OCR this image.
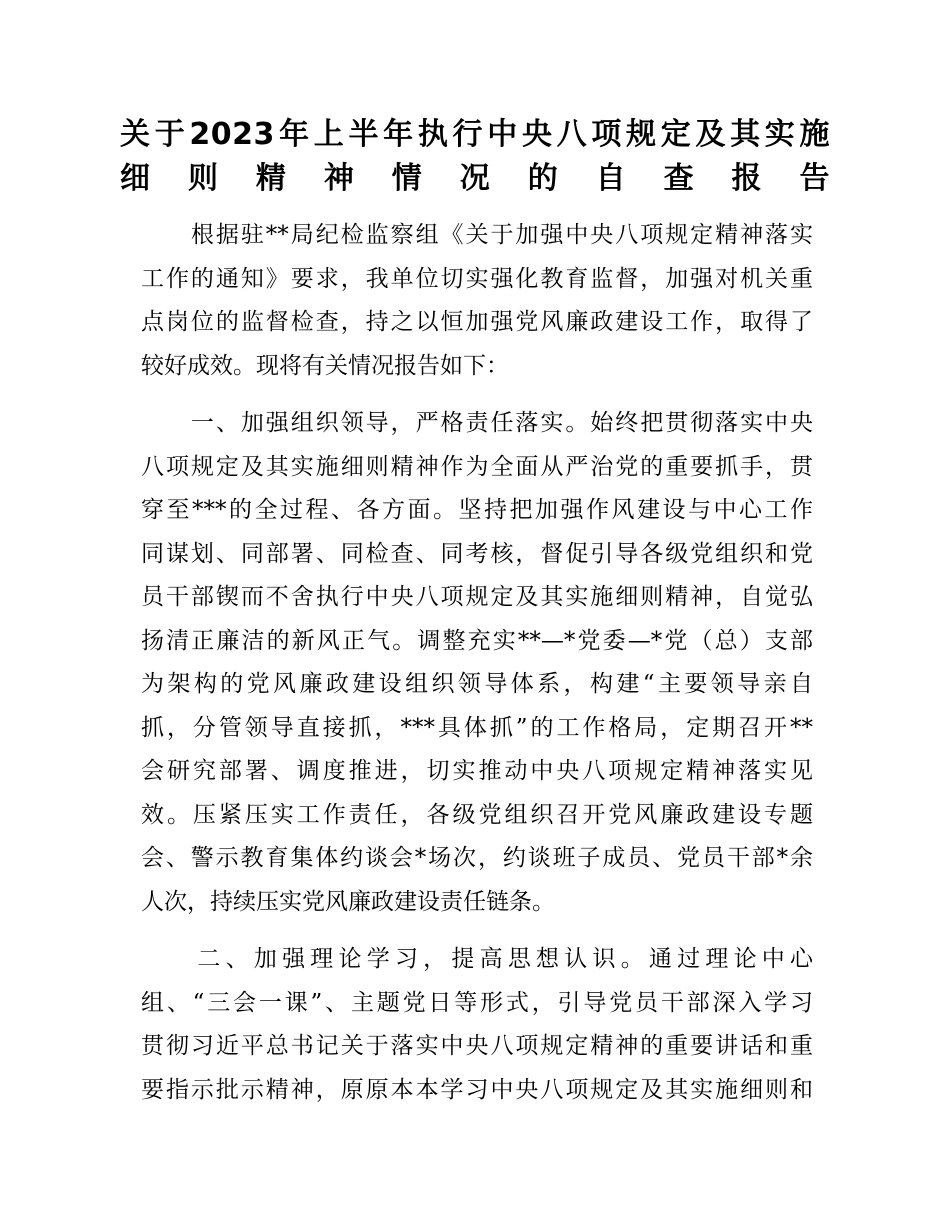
关于2023年上半年执行中央八项规定及其实施
细则精神情况的自查报告
　　根据驻**局纪检监察组《关于加强中央八项规定精神落实
工作的通知》要求，我单位切实强化教育监督，加强对机关重
点岗位的监督检查，持之以恒加强党风廉政建设工作，取得了
较好成效。现将有关情况报告如下：
　　一、加强组织领导，严格责任落实。始终把贯彻落实中央
八项规定及其实施细则精神作为全面从严治党的重要抓手，贯
穿至***的全过程、各方面。坚持把加强作风建设与中心工作
同谋划、同部署、同检查、同考核，督促引导各级党组织和党
员干部锲而不舍执行中央八项规定及其实施细则精神，自觉弘
扬清正廉洁的新风正气。调整充实**—*党委—*党（总）支部
为架构的党风廉政建设组织领导体系，构建“主要领导亲自
抓，分管领导直接抓，***具体抓”的工作格局，定期召开**
会研究部署、调度推进，切实推动中央八项规定精神落实见
效。压紧压实工作责任，各级党组织召开党风廉政建设专题
会、警示教育集体约谈会*场次，约谈班子成员、党员干部*余
人次，持续压实党风廉政建设责任链条。
　　二、加强理论学习，提高思想认识。通过理论中心
组、“三会一课”、主题党日等形式，引导党员干部深入学习
贯彻习近平总书记关于落实中央八项规定精神的重要讲话和重
要指示批示精神，原原本本学习中央八项规定及其实施细则和
